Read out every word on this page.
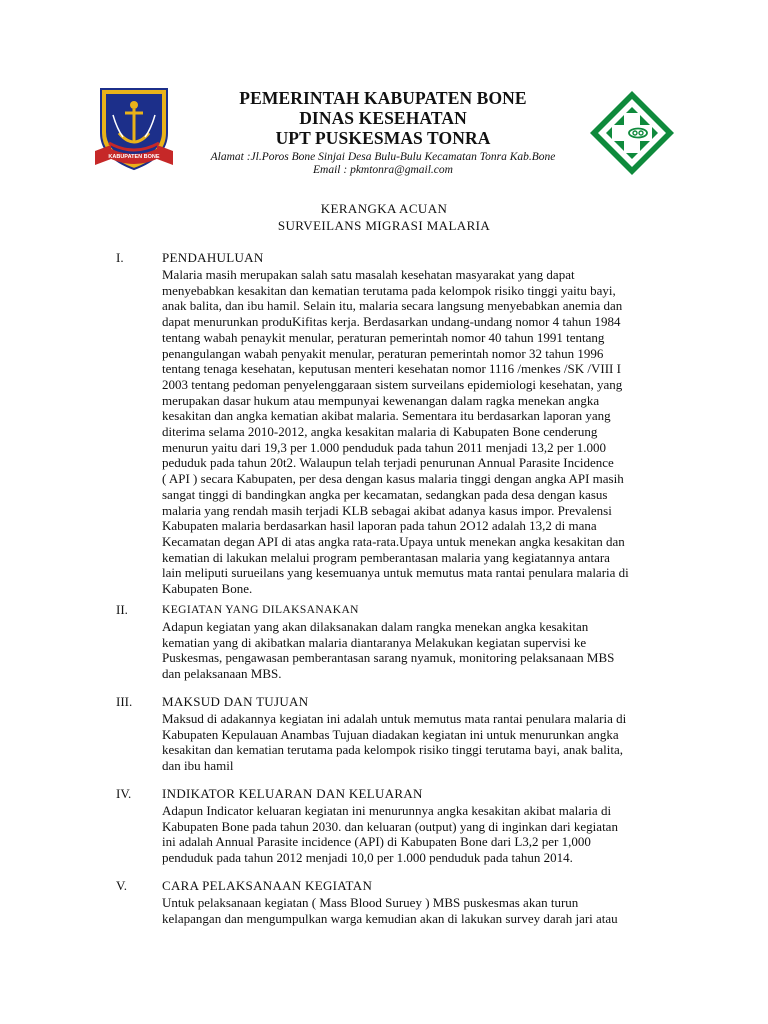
KABUPATEN BONE
PEMERINTAH KABUPATEN BONE
DINAS KESEHATAN
UPT PUSKESMAS TONRA
Alamat :Jl.Poros Bone Sinjai Desa Bulu-Bulu Kecamatan Tonra Kab.Bone
Email : pkmtonra@gmail.com
KERANGKA ACUAN
SURVEILANS MIGRASI MALARIA
I.	PENDAHULUAN

Malaria masih merupakan salah satu masalah kesehatan masyarakat yang dapat

menyebabkan kesakitan dan kematian terutama pada kelompok risiko tinggi yaitu bayi,

anak balita, dan ibu hamil. Selain itu, malaria secara langsung menyebabkan anemia dan

dapat menurunkan produKifitas kerja. Berdasarkan undang-undang nomor 4 tahun 1984

tentang wabah penaykit menular, peraturan pemerintah nomor 40 tahun 1991 tentang

penangulangan wabah penyakit menular, peraturan pemerintah nomor 32 tahun 1996

tentang tenaga kesehatan, keputusan menteri kesehatan nomor 1116 /menkes /SK /VIII I

2003 tentang pedoman penyelenggaraan sistem surveilans epidemiologi kesehatan, yang

merupakan dasar hukum atau mempunyai kewenangan dalam ragka menekan angka

kesakitan dan angka kematian akibat malaria. Sementara itu berdasarkan laporan yang

diterima selama 2010-2012, angka kesakitan malaria di Kabupaten Bone cenderung

menurun yaitu dari 19,3 per 1.000 penduduk pada tahun 2011 menjadi 13,2 per 1.000

peduduk pada tahun 20t2. Walaupun telah terjadi penurunan Annual Parasite Incidence

( API ) secara Kabupaten, per desa dengan kasus malaria tinggi dengan angka API masih

sangat tinggi di bandingkan angka per kecamatan, sedangkan pada desa dengan kasus

malaria yang rendah masih terjadi KLB sebagai akibat adanya kasus impor. Prevalensi

Kabupaten malaria berdasarkan hasil laporan pada tahun 2O12 adalah 13,2 di mana

Kecamatan degan API di atas angka rata-rata.Upaya untuk menekan angka kesakitan dan

kematian di lakukan melalui program pemberantasan malaria yang kegiatannya antara

lain meliputi surueilans yang kesemuanya untuk memutus mata rantai penulara malaria di

Kabupaten Bone.

II.	KEGIATAN YANG DILAKSANAKAN

Adapun kegiatan yang akan dilaksanakan dalam rangka menekan angka kesakitan

kematian yang di akibatkan malaria diantaranya Melakukan kegiatan supervisi ke

Puskesmas, pengawasan pemberantasan sarang nyamuk, monitoring pelaksanaan MBS

dan pelaksanaan MBS.

III. MAKSUD DAN TUJUAN

Maksud di adakannya kegiatan ini adalah untuk memutus mata rantai penulara malaria di

Kabupaten Kepulauan Anambas Tujuan diadakan kegiatan ini untuk menurunkan angka

kesakitan dan kematian terutama pada kelompok risiko tinggi terutama bayi, anak balita,

dan ibu hamil

IV. INDIKATOR KELUARAN DAN KELUARAN

Adapun Indicator keluaran kegiatan ini menurunnya angka kesakitan akibat malaria di

Kabupaten Bone pada tahun 2030. dan keluaran (output) yang di inginkan dari kegiatan

ini adalah Annual Parasite incidence (API) di Kabupaten Bone dari L3,2 per 1,000

penduduk pada tahun 2012 menjadi 10,0 per 1.000 penduduk pada tahun 2014.

V.	CARA PELAKSANAAN KEGIATAN

Untuk pelaksanaan kegiatan ( Mass Blood Suruey ) MBS puskesmas akan turun

kelapangan dan mengumpulkan warga kemudian akan di lakukan survey darah jari atau
